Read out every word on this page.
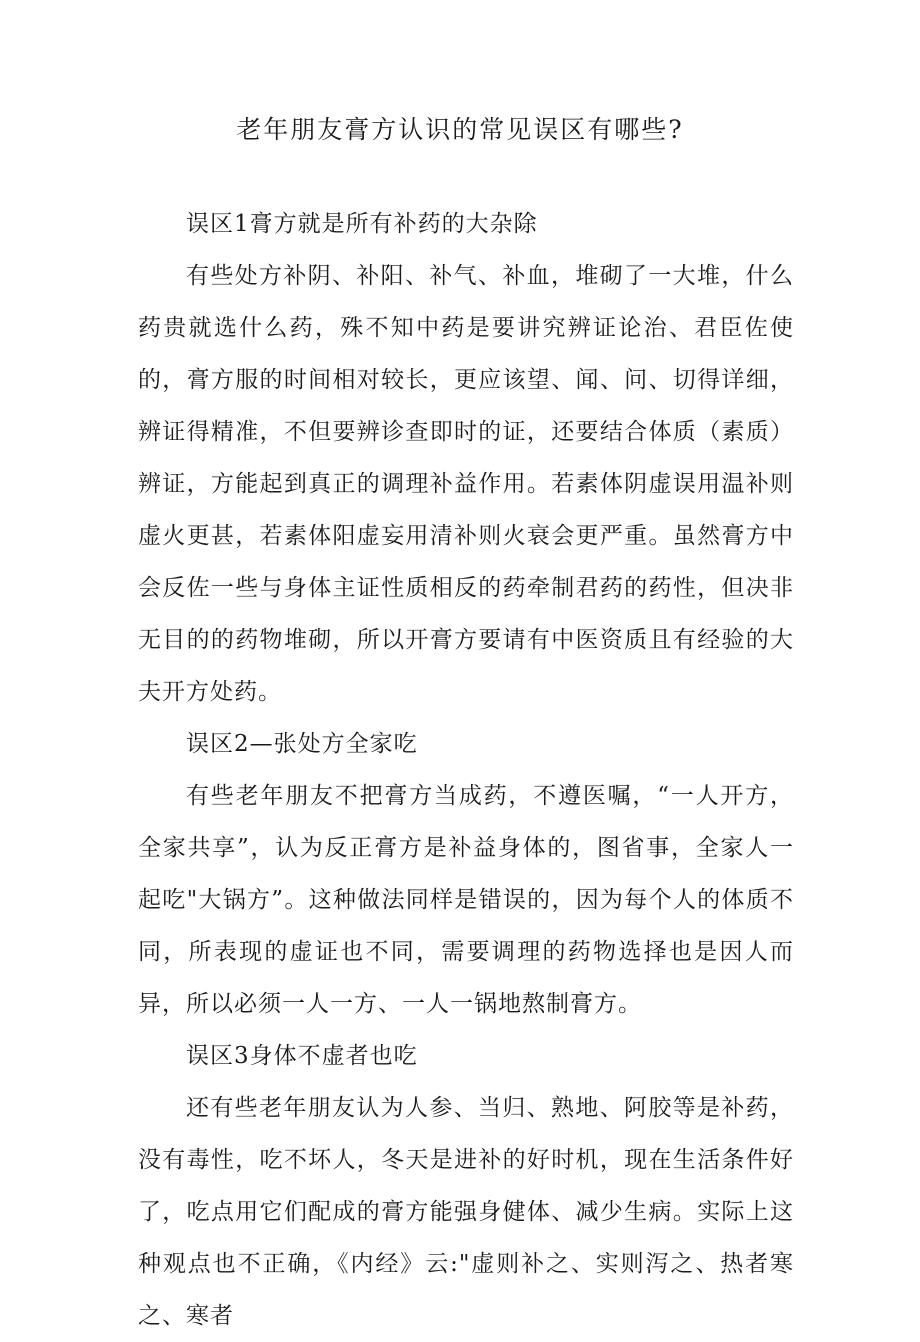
老年朋友膏方认识的常见误区有哪些?

误区1膏方就是所有补药的大杂除

有些处方补阴、补阳、补气、补血，堆砌了一大堆，什么药贵就选什么药，殊不知中药是要讲究辨证论治、君臣佐使的，膏方服的时间相对较长，更应该望、闻、问、切得详细，辨证得精准，不但要辨诊查即时的证，还要结合体质（素质）辨证，方能起到真正的调理补益作用。若素体阴虚误用温补则虚火更甚，若素体阳虚妄用清补则火衰会更严重。虽然膏方中会反佐一些与身体主证性质相反的药牵制君药的药性，但决非无目的的药物堆砌，所以开膏方要请有中医资质且有经验的大夫开方处药。

误区2—张处方全家吃

有些老年朋友不把膏方当成药，不遵医嘱，“一人开方，全家共享”，认为反正膏方是补益身体的，图省事，全家人一起吃"大锅方”。这种做法同样是错误的，因为每个人的体质不同，所表现的虚证也不同，需要调理的药物选择也是因人而异，所以必须一人一方、一人一锅地熬制膏方。

误区3身体不虚者也吃

还有些老年朋友认为人参、当归、熟地、阿胶等是补药，没有毒性，吃不坏人，冬天是进补的好时机，现在生活条件好了，吃点用它们配成的膏方能强身健体、减少生病。实际上这种观点也不正确，《内经》云:"虚则补之、实则泻之、热者寒之、寒者
